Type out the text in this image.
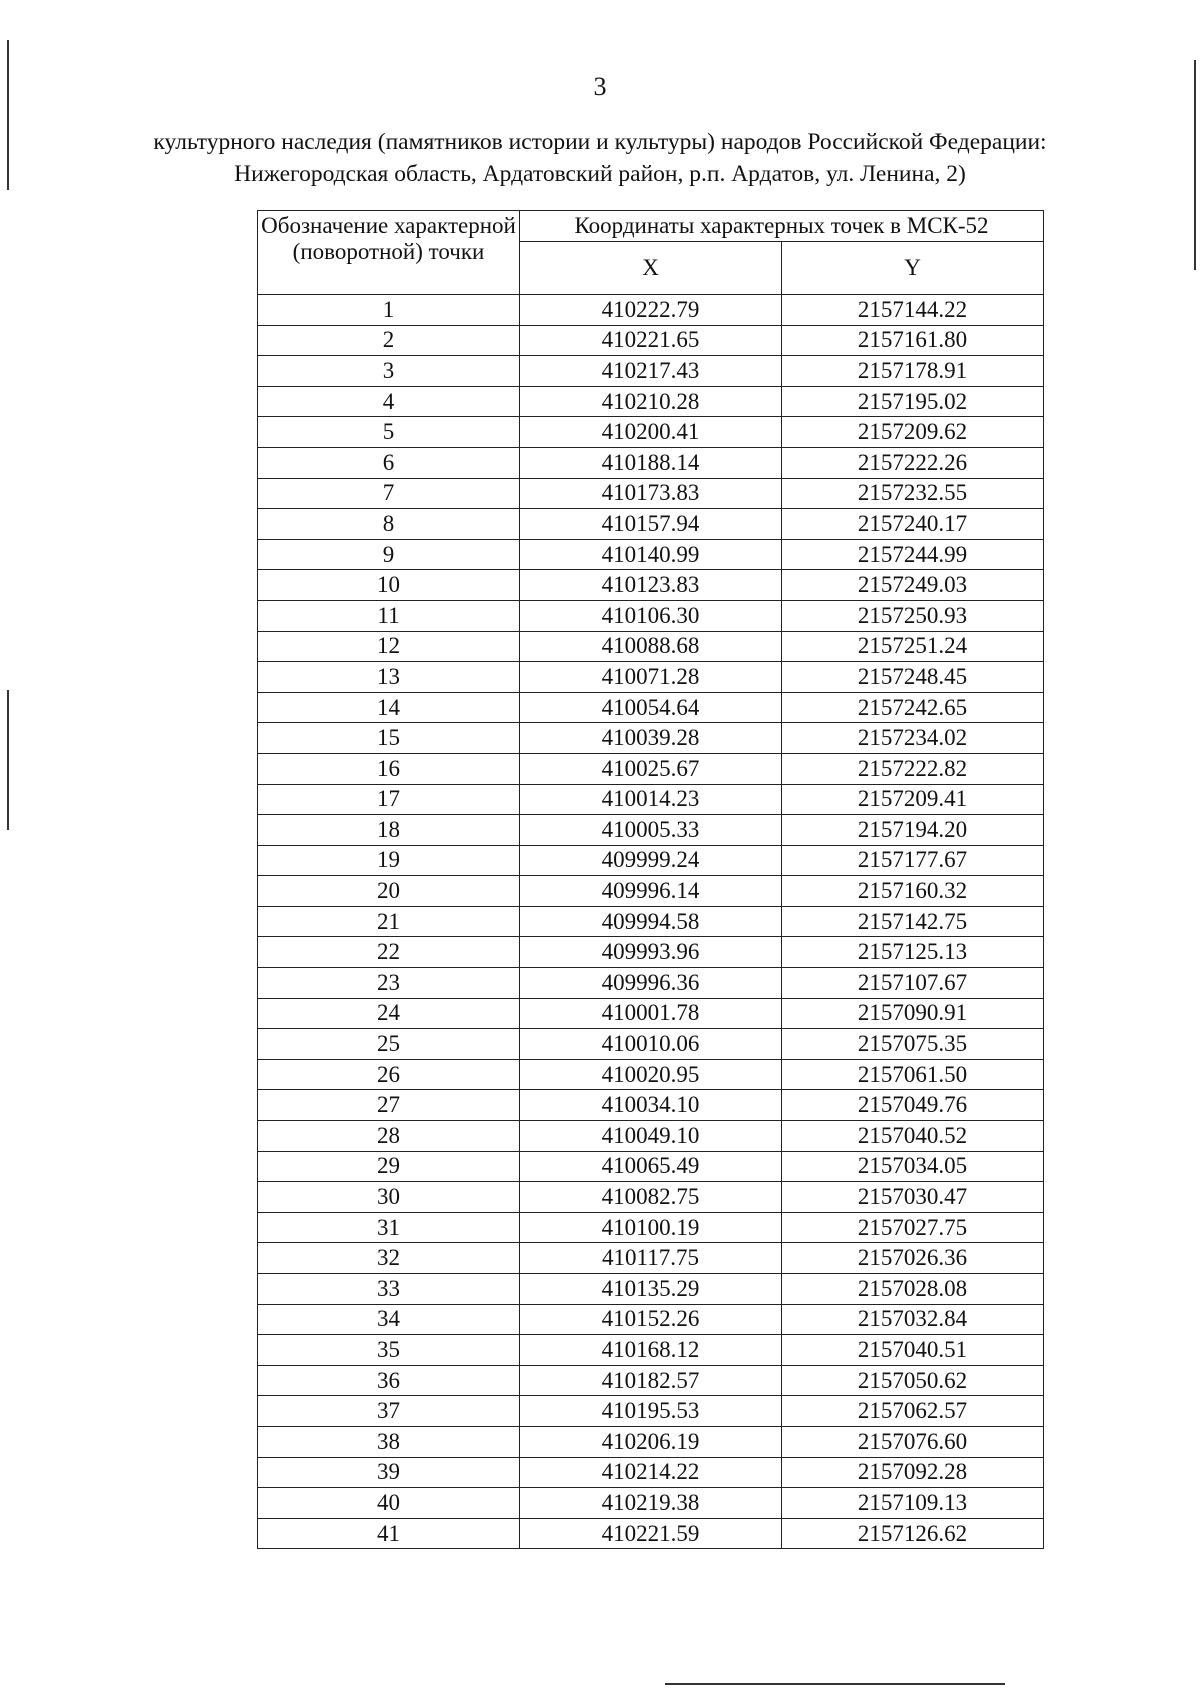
3
культурного наследия (памятников истории и культуры) народов Российской Федерации:
Нижегородская область, Ардатовский район, р.п. Ардатов, ул. Ленина, 2)
Обозначение характерной (поворотной) точки	Координаты характерных точек в МСК-52	
	X	Y
1	410222.79	2157144.22
2	410221.65	2157161.80
3	410217.43	2157178.91
4	410210.28	2157195.02
5	410200.41	2157209.62
6	410188.14	2157222.26
7	410173.83	2157232.55
8	410157.94	2157240.17
9	410140.99	2157244.99
10	410123.83	2157249.03
11	410106.30	2157250.93
12	410088.68	2157251.24
13	410071.28	2157248.45
14	410054.64	2157242.65
15	410039.28	2157234.02
16	410025.67	2157222.82
17	410014.23	2157209.41
18	410005.33	2157194.20
19	409999.24	2157177.67
20	409996.14	2157160.32
21	409994.58	2157142.75
22	409993.96	2157125.13
23	409996.36	2157107.67
24	410001.78	2157090.91
25	410010.06	2157075.35
26	410020.95	2157061.50
27	410034.10	2157049.76
28	410049.10	2157040.52
29	410065.49	2157034.05
30	410082.75	2157030.47
31	410100.19	2157027.75
32	410117.75	2157026.36
33	410135.29	2157028.08
34	410152.26	2157032.84
35	410168.12	2157040.51
36	410182.57	2157050.62
37	410195.53	2157062.57
38	410206.19	2157076.60
39	410214.22	2157092.28
40	410219.38	2157109.13
41	410221.59	2157126.62
